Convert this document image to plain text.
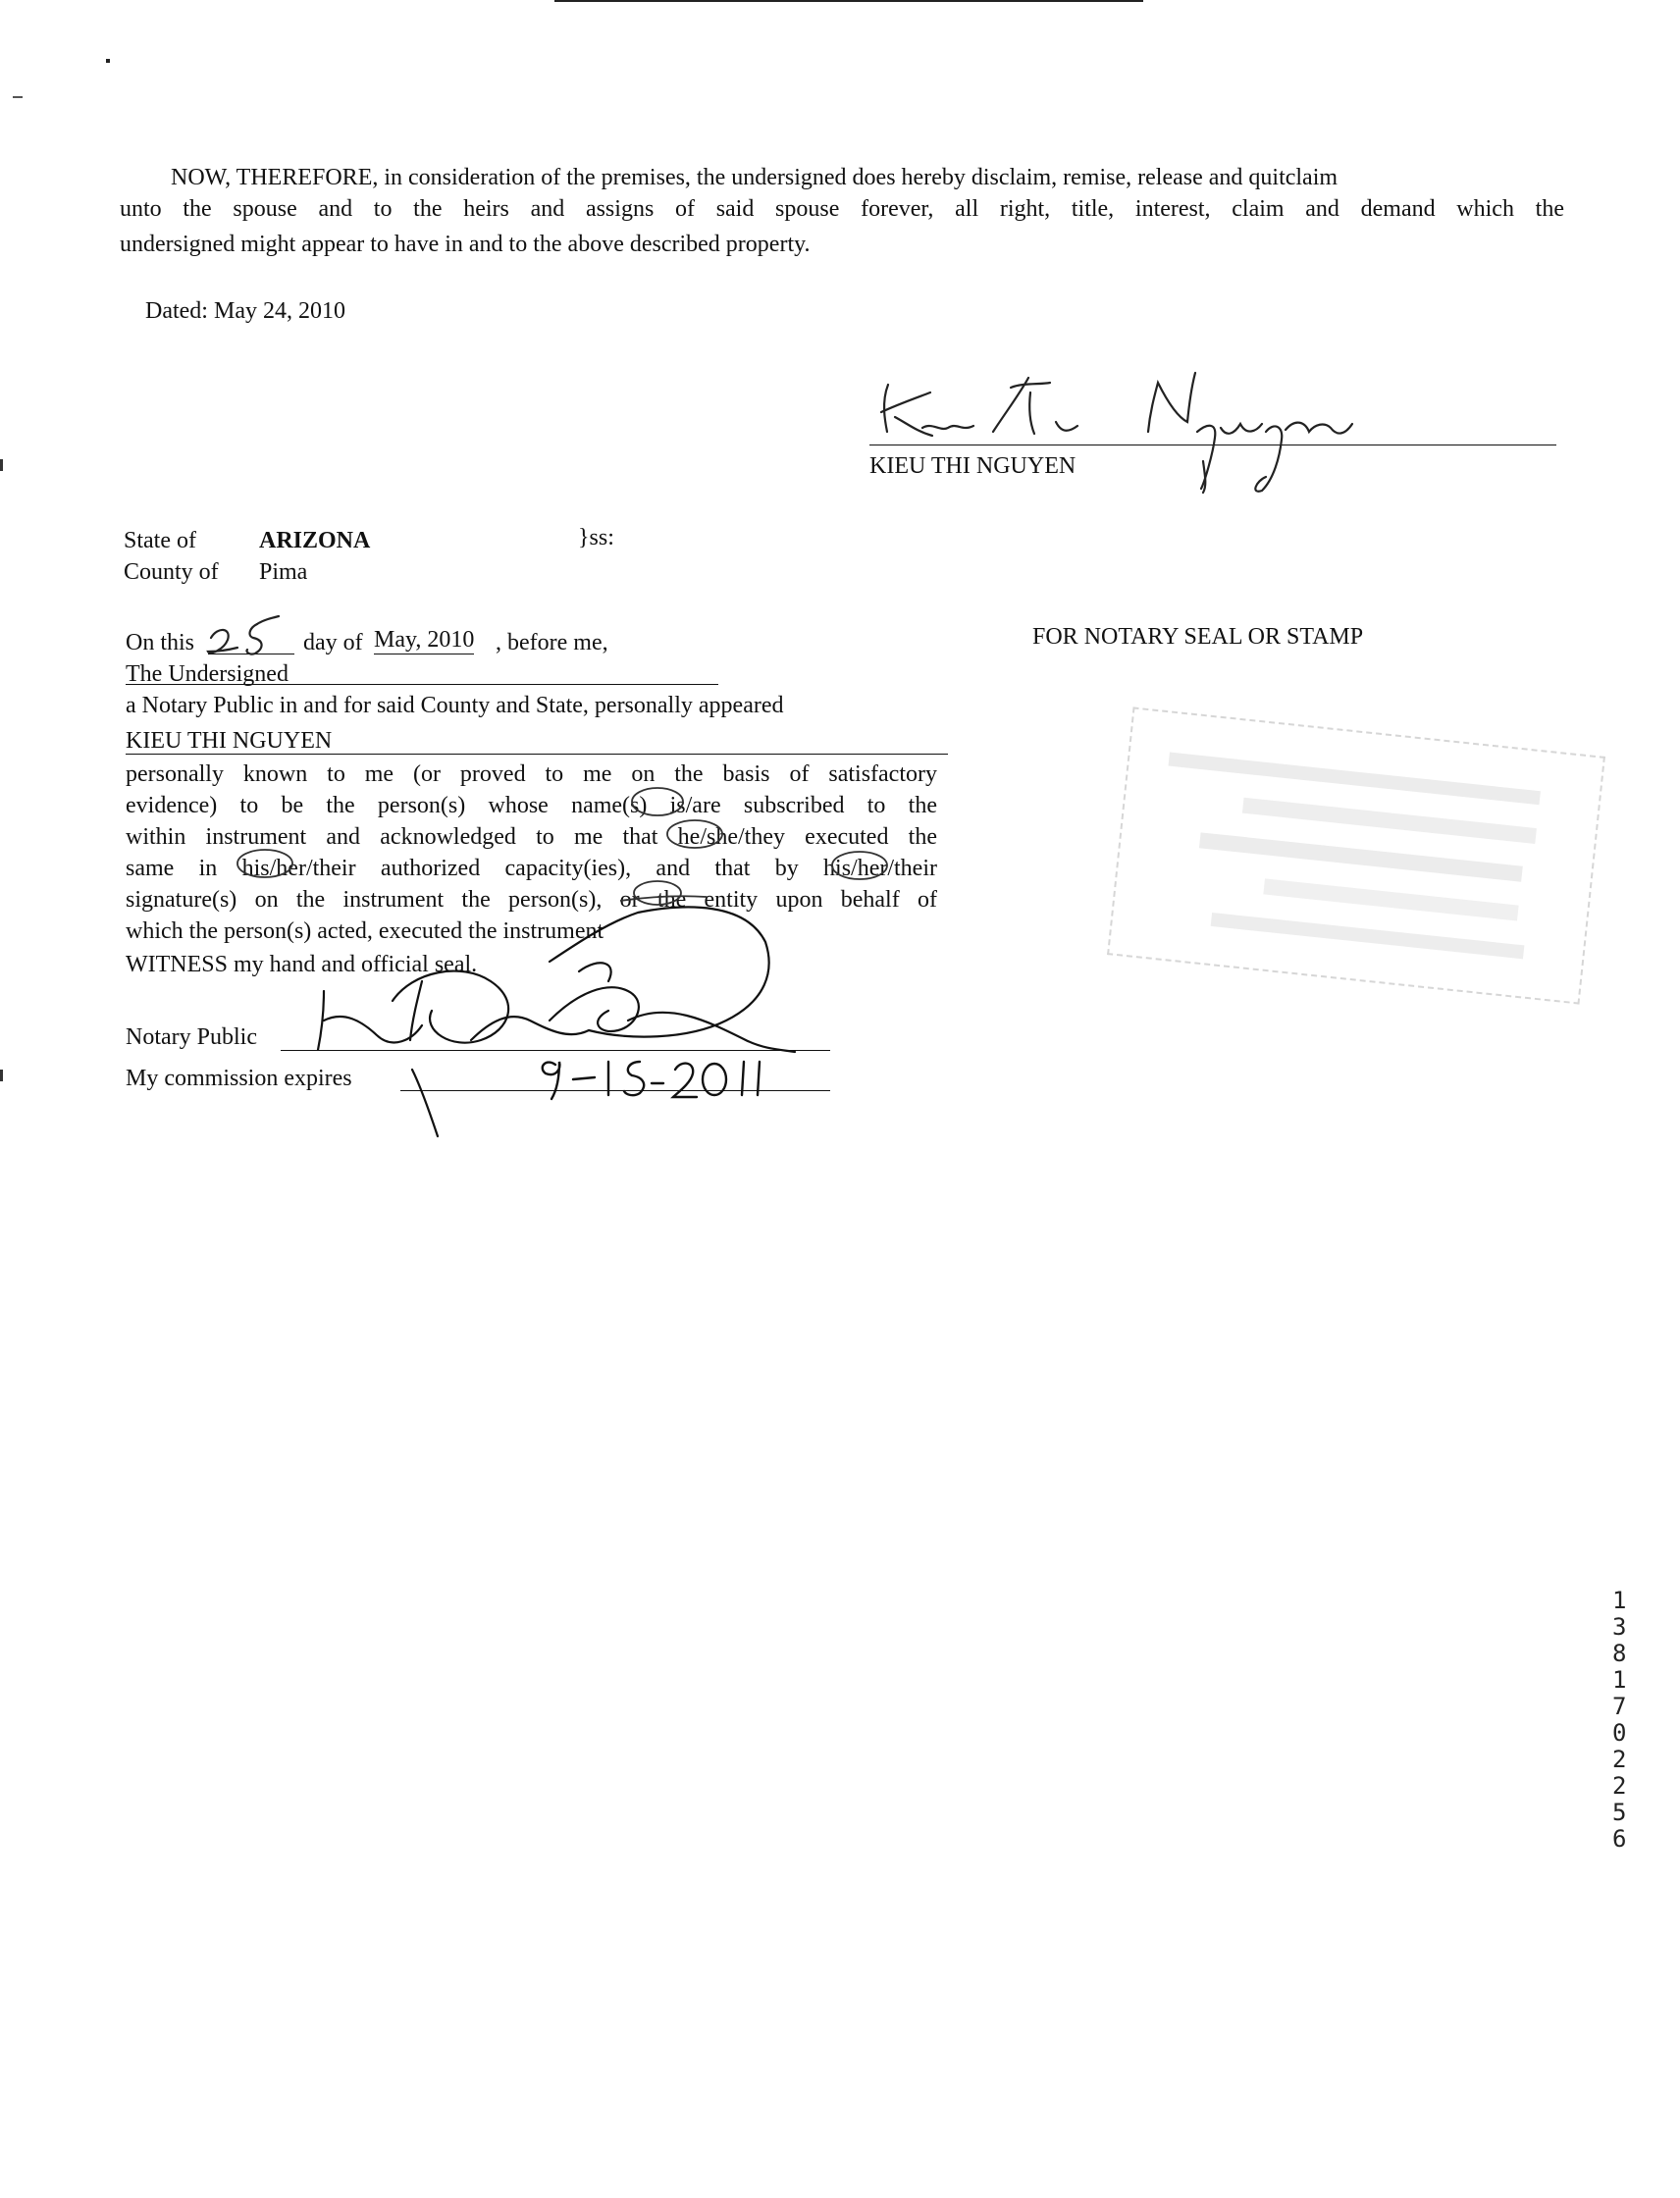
NOW, THEREFORE, in consideration of the premises, the undersigned does hereby disclaim, remise, release and quitclaim
unto the spouse and to the heirs and assigns of said spouse forever, all right, title, interest, claim and demand which the
undersigned might appear to have in and to the above described property.
Dated: May 24, 2010
KIEU THI NGUYEN
State of	ARIZONA	}ss:
County of Pima
On this	day of May, 2010 , before me,
The Undersigned
a Notary Public in and for said County and State, personally appeared
KIEU THI NGUYEN
personally known to me (or proved to me on the basis of satisfactory
evidence) to be the person(s) whose name(s) is/are subscribed to the
within instrument and acknowledged to me that he/she/they executed the
same in his/her/their authorized capacity(ies), and that by his/her/their
signature(s) on the instrument the person(s), or the entity upon behalf of
which the person(s) acted, executed the instrument
WITNESS my hand and official seal.
Notary Public
My commission expires
FOR NOTARY SEAL OR STAMP
1381702256
25
